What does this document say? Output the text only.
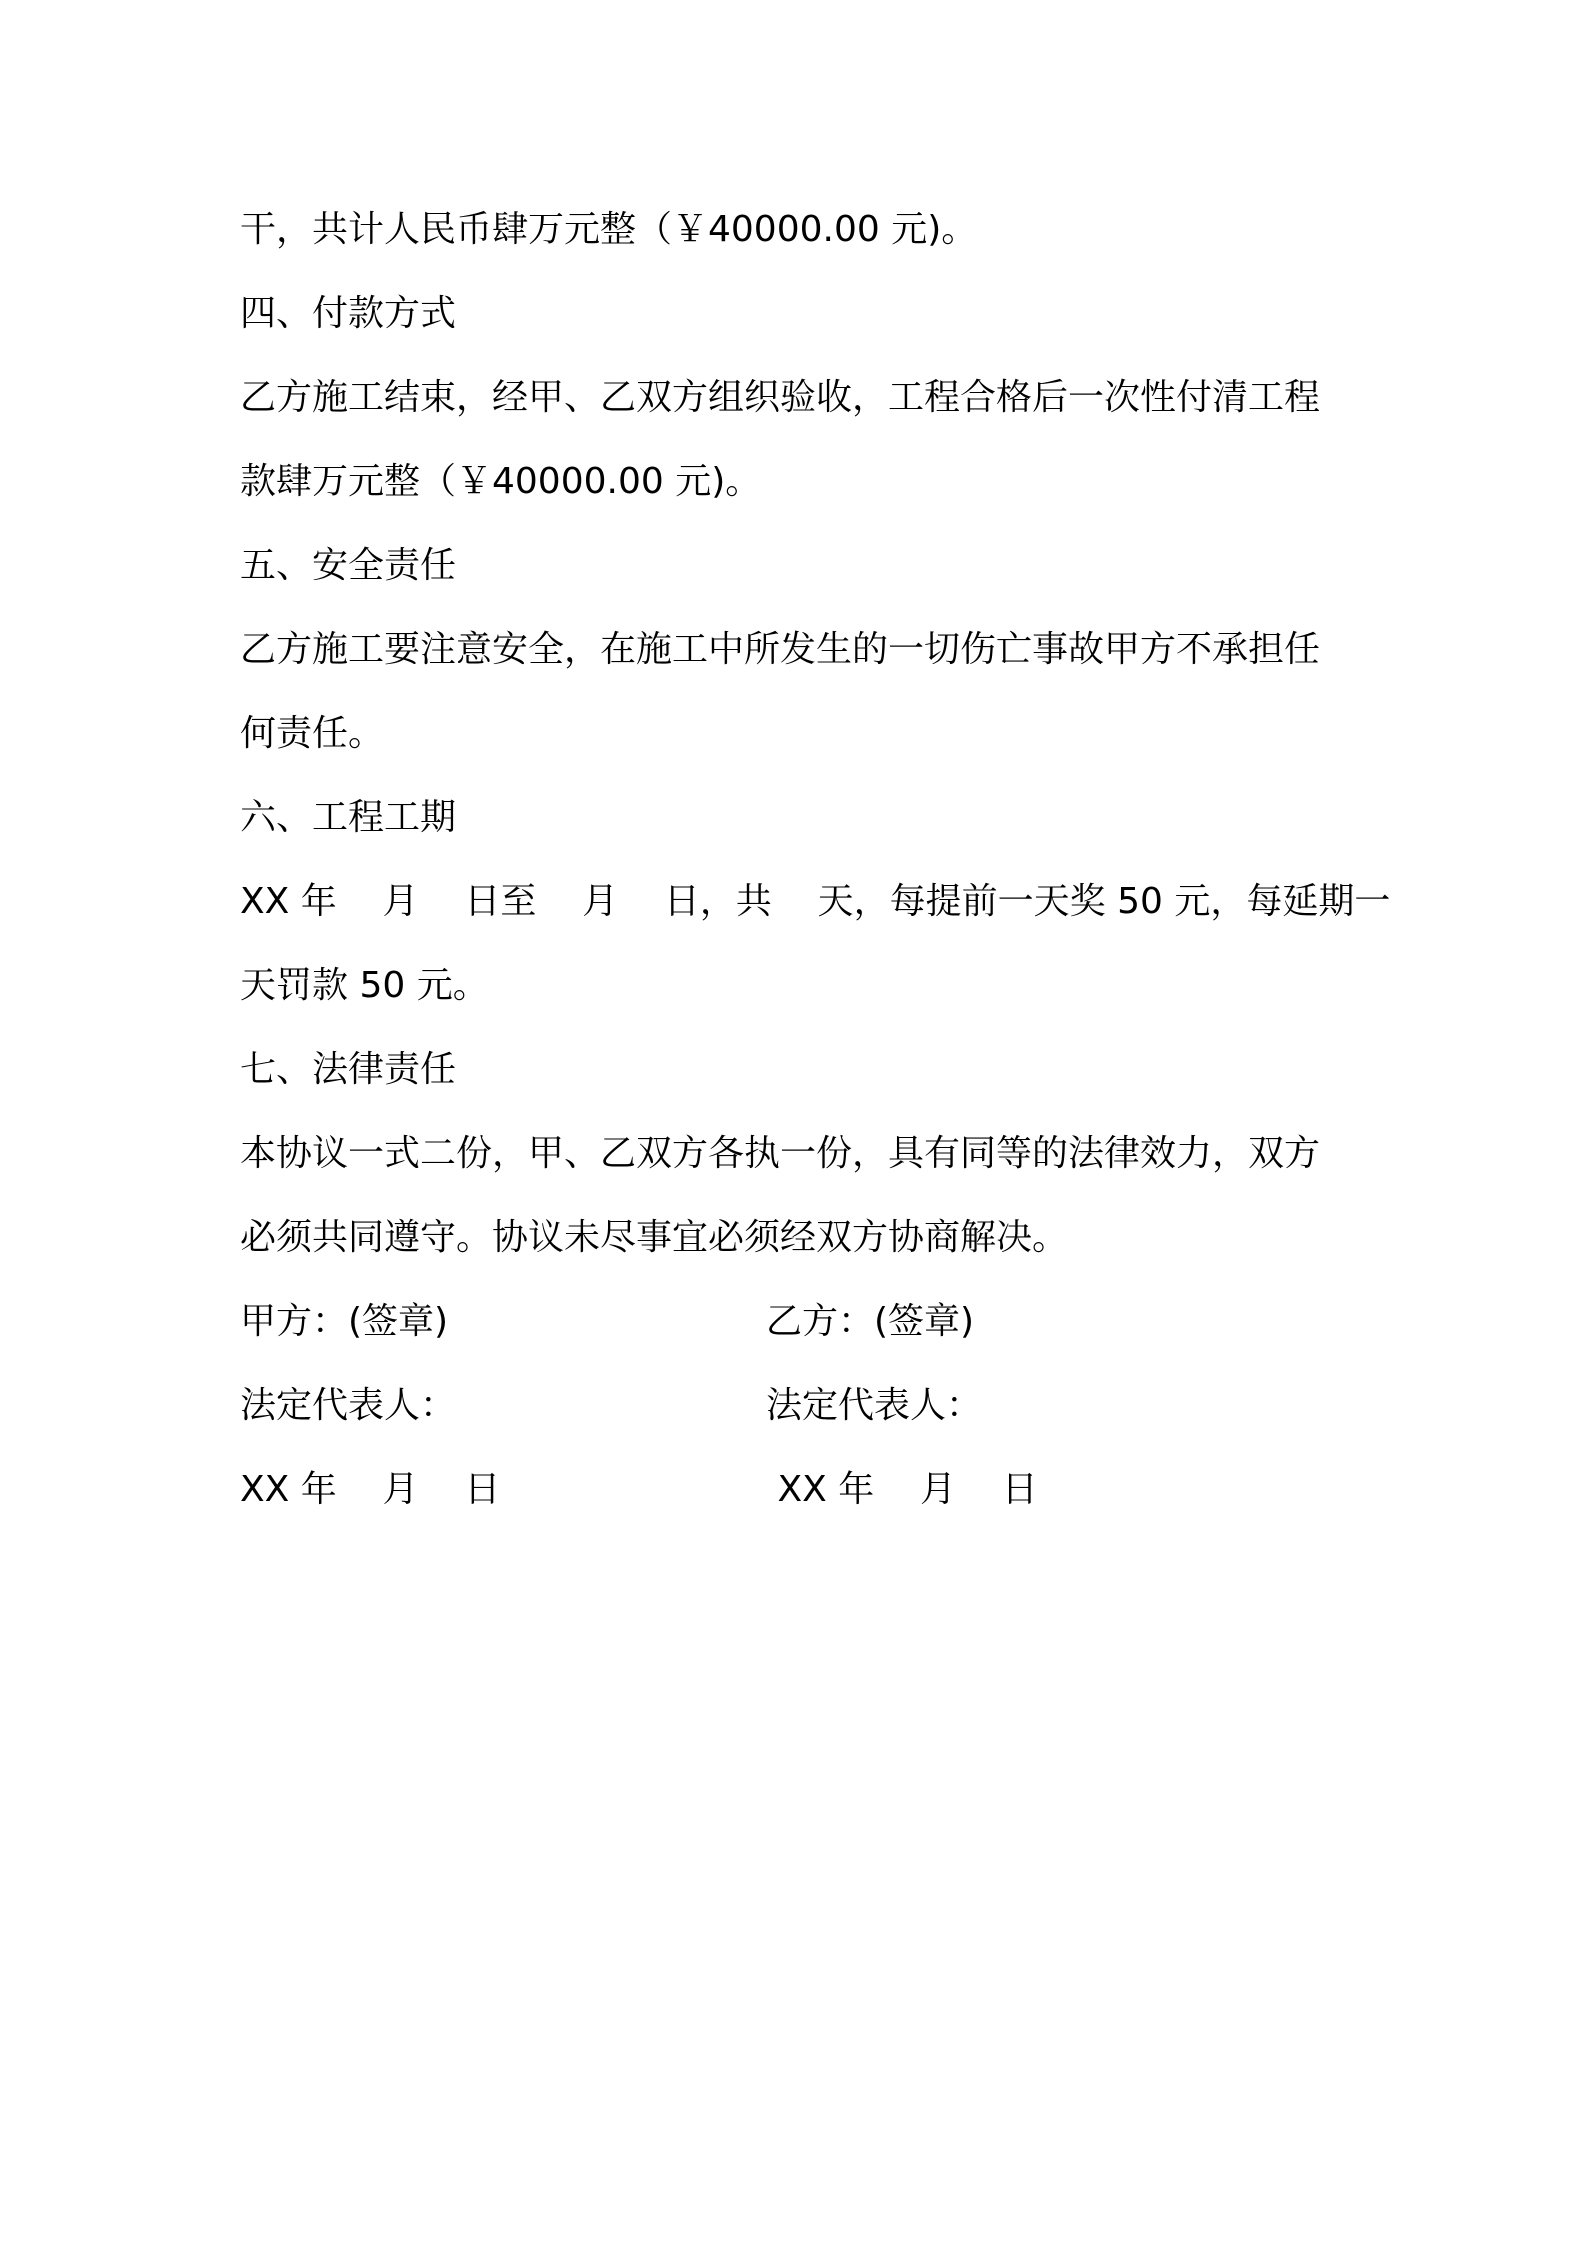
干，共计人民币肆万元整（￥40000.00 元)。
四、付款方式
乙方施工结束，经甲、乙双方组织验收，工程合格后一次性付清工程
款肆万元整（￥40000.00 元)。
五、安全责任
乙方施工要注意安全，在施工中所发生的一切伤亡事故甲方不承担任
何责任。
六、工程工期
XX 年    月    日至    月    日，共    天，每提前一天奖 50 元，每延期一
天罚款 50 元。
七、法律责任
本协议一式二份，甲、乙双方各执一份，具有同等的法律效力，双方
必须共同遵守。协议未尽事宜必须经双方协商解决。
甲方：(签章)	乙方：(签章)
法定代表人：	法定代表人：
XX 年    月    日	XX 年    月    日
